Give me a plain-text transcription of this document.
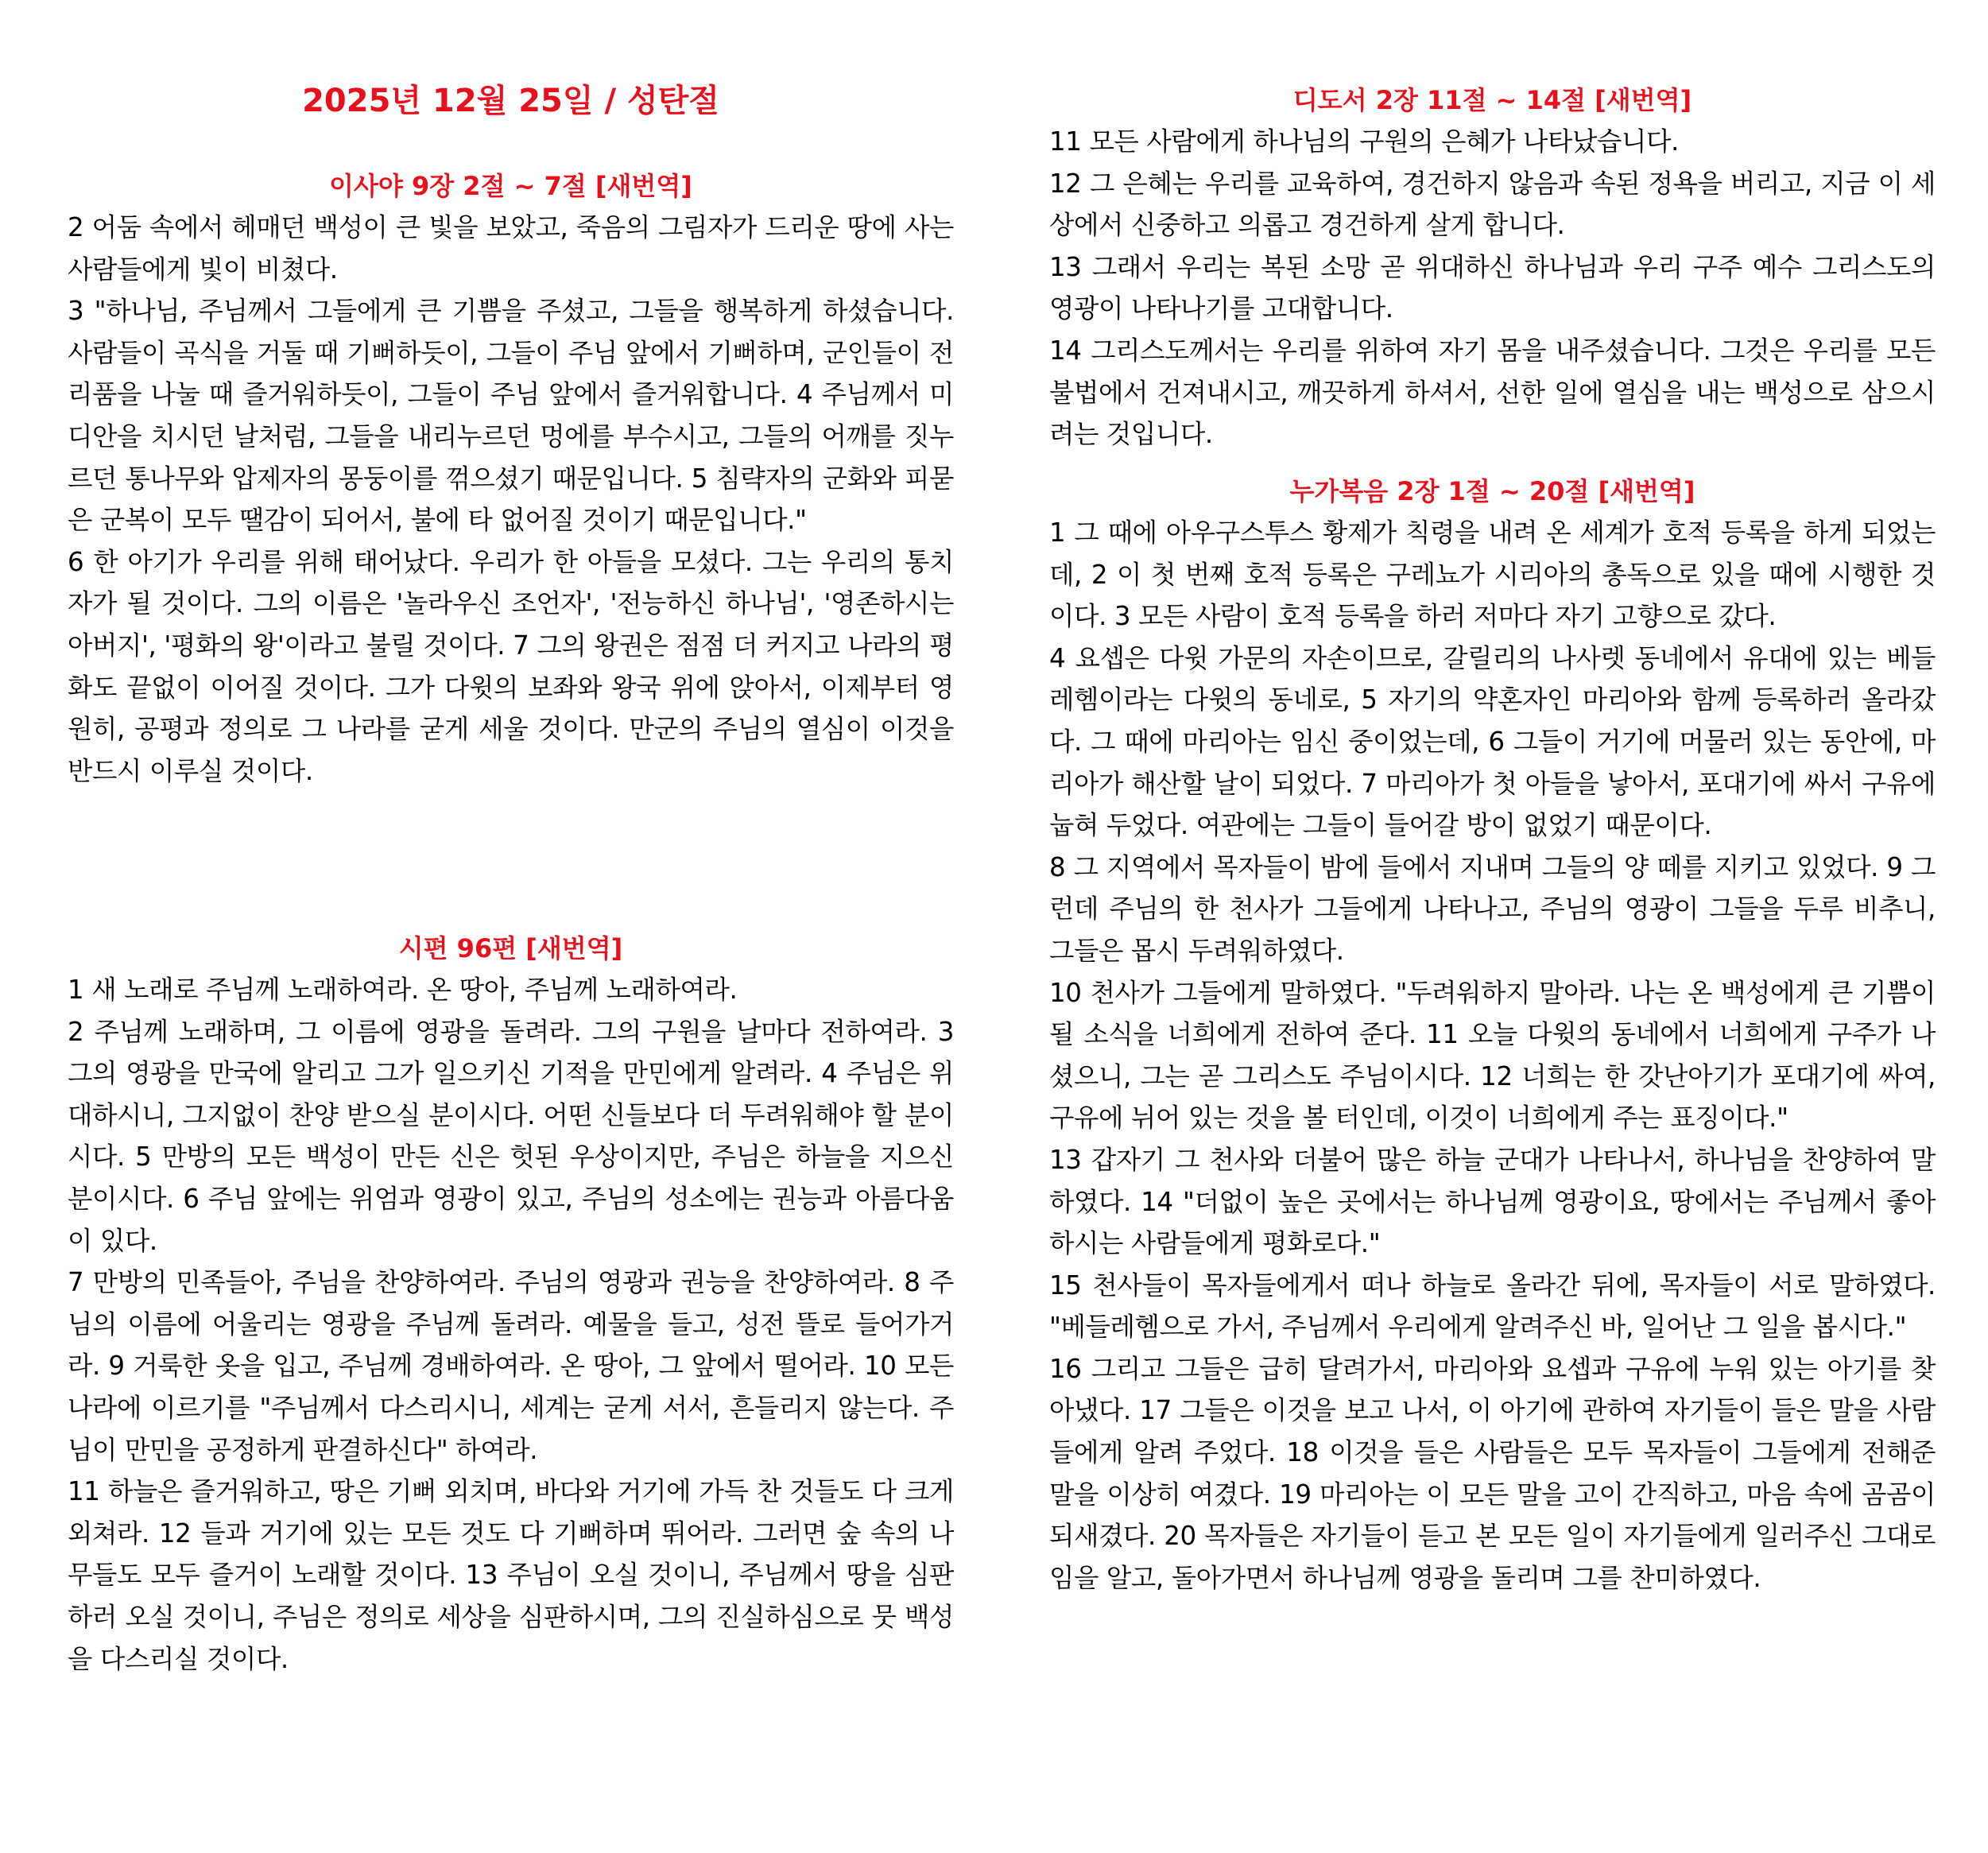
2025년 12월 25일 / 성탄절
이사야 9장 2절 ~ 7절 [새번역]

2 어둠 속에서 헤매던 백성이 큰 빛을 보았고, 죽음의 그림자가 드리운 땅에 사는 사람들에게 빛이 비쳤다.

3 "하나님, 주님께서 그들에게 큰 기쁨을 주셨고, 그들을 행복하게 하셨습니다. 사람들이 곡식을 거둘 때 기뻐하듯이, 그들이 주님 앞에서 기뻐하며, 군인들이 전리품을 나눌 때 즐거워하듯이, 그들이 주님 앞에서 즐거워합니다. 4 주님께서 미디안을 치시던 날처럼, 그들을 내리누르던 멍에를 부수시고, 그들의 어깨를 짓누르던 통나무와 압제자의 몽둥이를 꺾으셨기 때문입니다. 5 침략자의 군화와 피묻은 군복이 모두 땔감이 되어서, 불에 타 없어질 것이기 때문입니다."

6 한 아기가 우리를 위해 태어났다. 우리가 한 아들을 모셨다. 그는 우리의 통치자가 될 것이다. 그의 이름은 '놀라우신 조언자', '전능하신 하나님', '영존하시는 아버지', '평화의 왕'이라고 불릴 것이다. 7 그의 왕권은 점점 더 커지고 나라의 평화도 끝없이 이어질 것이다. 그가 다윗의 보좌와 왕국 위에 앉아서, 이제부터 영원히, 공평과 정의로 그 나라를 굳게 세울 것이다. 만군의 주님의 열심이 이것을 반드시 이루실 것이다.

시편 96편 [새번역]

1 새 노래로 주님께 노래하여라. 온 땅아, 주님께 노래하여라.

2 주님께 노래하며, 그 이름에 영광을 돌려라. 그의 구원을 날마다 전하여라. 3 그의 영광을 만국에 알리고 그가 일으키신 기적을 만민에게 알려라. 4 주님은 위대하시니, 그지없이 찬양 받으실 분이시다. 어떤 신들보다 더 두려워해야 할 분이시다. 5 만방의 모든 백성이 만든 신은 헛된 우상이지만, 주님은 하늘을 지으신 분이시다. 6 주님 앞에는 위엄과 영광이 있고, 주님의 성소에는 권능과 아름다움이 있다.

7 만방의 민족들아, 주님을 찬양하여라. 주님의 영광과 권능을 찬양하여라. 8 주님의 이름에 어울리는 영광을 주님께 돌려라. 예물을 들고, 성전 뜰로 들어가거라. 9 거룩한 옷을 입고, 주님께 경배하여라. 온 땅아, 그 앞에서 떨어라. 10 모든 나라에 이르기를 "주님께서 다스리시니, 세계는 굳게 서서, 흔들리지 않는다. 주님이 만민을 공정하게 판결하신다" 하여라.

11 하늘은 즐거워하고, 땅은 기뻐 외치며, 바다와 거기에 가득 찬 것들도 다 크게 외쳐라. 12 들과 거기에 있는 모든 것도 다 기뻐하며 뛰어라. 그러면 숲 속의 나무들도 모두 즐거이 노래할 것이다. 13 주님이 오실 것이니, 주님께서 땅을 심판하러 오실 것이니, 주님은 정의로 세상을 심판하시며, 그의 진실하심으로 뭇 백성을 다스리실 것이다.

디도서 2장 11절 ~ 14절 [새번역]

11 모든 사람에게 하나님의 구원의 은혜가 나타났습니다.

12 그 은혜는 우리를 교육하여, 경건하지 않음과 속된 정욕을 버리고, 지금 이 세상에서 신중하고 의롭고 경건하게 살게 합니다.

13 그래서 우리는 복된 소망 곧 위대하신 하나님과 우리 구주 예수 그리스도의 영광이 나타나기를 고대합니다.

14 그리스도께서는 우리를 위하여 자기 몸을 내주셨습니다. 그것은 우리를 모든 불법에서 건져내시고, 깨끗하게 하셔서, 선한 일에 열심을 내는 백성으로 삼으시려는 것입니다.

누가복음 2장 1절 ~ 20절 [새번역]

1 그 때에 아우구스투스 황제가 칙령을 내려 온 세계가 호적 등록을 하게 되었는데, 2 이 첫 번째 호적 등록은 구레뇨가 시리아의 총독으로 있을 때에 시행한 것이다. 3 모든 사람이 호적 등록을 하러 저마다 자기 고향으로 갔다.

4 요셉은 다윗 가문의 자손이므로, 갈릴리의 나사렛 동네에서 유대에 있는 베들레헴이라는 다윗의 동네로, 5 자기의 약혼자인 마리아와 함께 등록하러 올라갔다. 그 때에 마리아는 임신 중이었는데, 6 그들이 거기에 머물러 있는 동안에, 마리아가 해산할 날이 되었다. 7 마리아가 첫 아들을 낳아서, 포대기에 싸서 구유에 눕혀 두었다. 여관에는 그들이 들어갈 방이 없었기 때문이다.

8 그 지역에서 목자들이 밤에 들에서 지내며 그들의 양 떼를 지키고 있었다. 9 그런데 주님의 한 천사가 그들에게 나타나고, 주님의 영광이 그들을 두루 비추니, 그들은 몹시 두려워하였다.

10 천사가 그들에게 말하였다. "두려워하지 말아라. 나는 온 백성에게 큰 기쁨이 될 소식을 너희에게 전하여 준다. 11 오늘 다윗의 동네에서 너희에게 구주가 나셨으니, 그는 곧 그리스도 주님이시다. 12 너희는 한 갓난아기가 포대기에 싸여, 구유에 뉘어 있는 것을 볼 터인데, 이것이 너희에게 주는 표징이다."

13 갑자기 그 천사와 더불어 많은 하늘 군대가 나타나서, 하나님을 찬양하여 말하였다. 14 "더없이 높은 곳에서는 하나님께 영광이요, 땅에서는 주님께서 좋아하시는 사람들에게 평화로다."

15 천사들이 목자들에게서 떠나 하늘로 올라간 뒤에, 목자들이 서로 말하였다. "베들레헴으로 가서, 주님께서 우리에게 알려주신 바, 일어난 그 일을 봅시다."

16 그리고 그들은 급히 달려가서, 마리아와 요셉과 구유에 누워 있는 아기를 찾아냈다. 17 그들은 이것을 보고 나서, 이 아기에 관하여 자기들이 들은 말을 사람들에게 알려 주었다. 18 이것을 들은 사람들은 모두 목자들이 그들에게 전해준 말을 이상히 여겼다. 19 마리아는 이 모든 말을 고이 간직하고, 마음 속에 곰곰이 되새겼다. 20 목자들은 자기들이 듣고 본 모든 일이 자기들에게 일러주신 그대로임을 알고, 돌아가면서 하나님께 영광을 돌리며 그를 찬미하였다.
